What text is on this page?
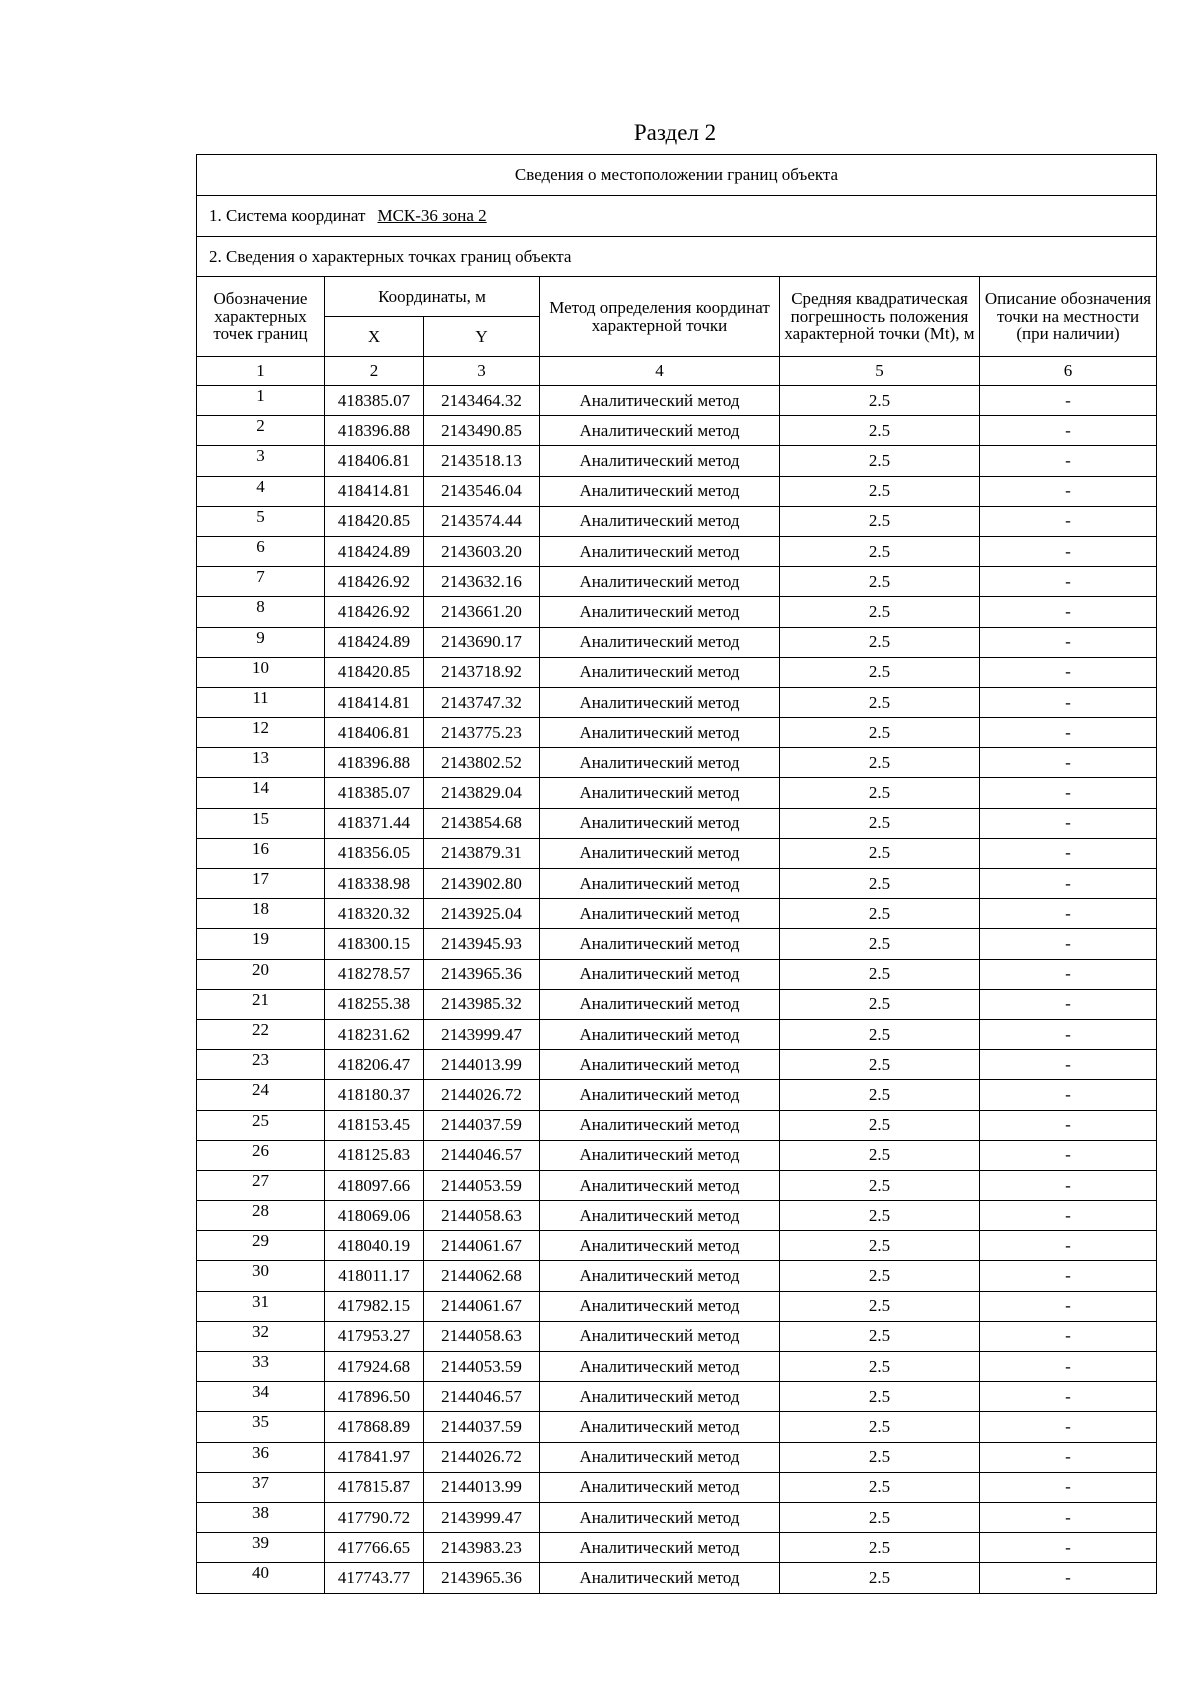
Раздел 2
Сведения о местоположении границ объекта					
1. Система координат МСК-36 зона 2					
2. Сведения о характерных точках границ объекта					
Обозначение характерных точек границ	Координаты, м		Метод определения координат характерной точки	Средняя квадратическая погрешность положения характерной точки (Mt), м	Описание обозначения точки на местности (при наличии)
	X	Y			
1	2	3	4	5	6
1	418385.07	2143464.32	Аналитический метод	2.5	-
2	418396.88	2143490.85	Аналитический метод	2.5	-
3	418406.81	2143518.13	Аналитический метод	2.5	-
4	418414.81	2143546.04	Аналитический метод	2.5	-
5	418420.85	2143574.44	Аналитический метод	2.5	-
6	418424.89	2143603.20	Аналитический метод	2.5	-
7	418426.92	2143632.16	Аналитический метод	2.5	-
8	418426.92	2143661.20	Аналитический метод	2.5	-
9	418424.89	2143690.17	Аналитический метод	2.5	-
10	418420.85	2143718.92	Аналитический метод	2.5	-
11	418414.81	2143747.32	Аналитический метод	2.5	-
12	418406.81	2143775.23	Аналитический метод	2.5	-
13	418396.88	2143802.52	Аналитический метод	2.5	-
14	418385.07	2143829.04	Аналитический метод	2.5	-
15	418371.44	2143854.68	Аналитический метод	2.5	-
16	418356.05	2143879.31	Аналитический метод	2.5	-
17	418338.98	2143902.80	Аналитический метод	2.5	-
18	418320.32	2143925.04	Аналитический метод	2.5	-
19	418300.15	2143945.93	Аналитический метод	2.5	-
20	418278.57	2143965.36	Аналитический метод	2.5	-
21	418255.38	2143985.32	Аналитический метод	2.5	-
22	418231.62	2143999.47	Аналитический метод	2.5	-
23	418206.47	2144013.99	Аналитический метод	2.5	-
24	418180.37	2144026.72	Аналитический метод	2.5	-
25	418153.45	2144037.59	Аналитический метод	2.5	-
26	418125.83	2144046.57	Аналитический метод	2.5	-
27	418097.66	2144053.59	Аналитический метод	2.5	-
28	418069.06	2144058.63	Аналитический метод	2.5	-
29	418040.19	2144061.67	Аналитический метод	2.5	-
30	418011.17	2144062.68	Аналитический метод	2.5	-
31	417982.15	2144061.67	Аналитический метод	2.5	-
32	417953.27	2144058.63	Аналитический метод	2.5	-
33	417924.68	2144053.59	Аналитический метод	2.5	-
34	417896.50	2144046.57	Аналитический метод	2.5	-
35	417868.89	2144037.59	Аналитический метод	2.5	-
36	417841.97	2144026.72	Аналитический метод	2.5	-
37	417815.87	2144013.99	Аналитический метод	2.5	-
38	417790.72	2143999.47	Аналитический метод	2.5	-
39	417766.65	2143983.23	Аналитический метод	2.5	-
40	417743.77	2143965.36	Аналитический метод	2.5	-
